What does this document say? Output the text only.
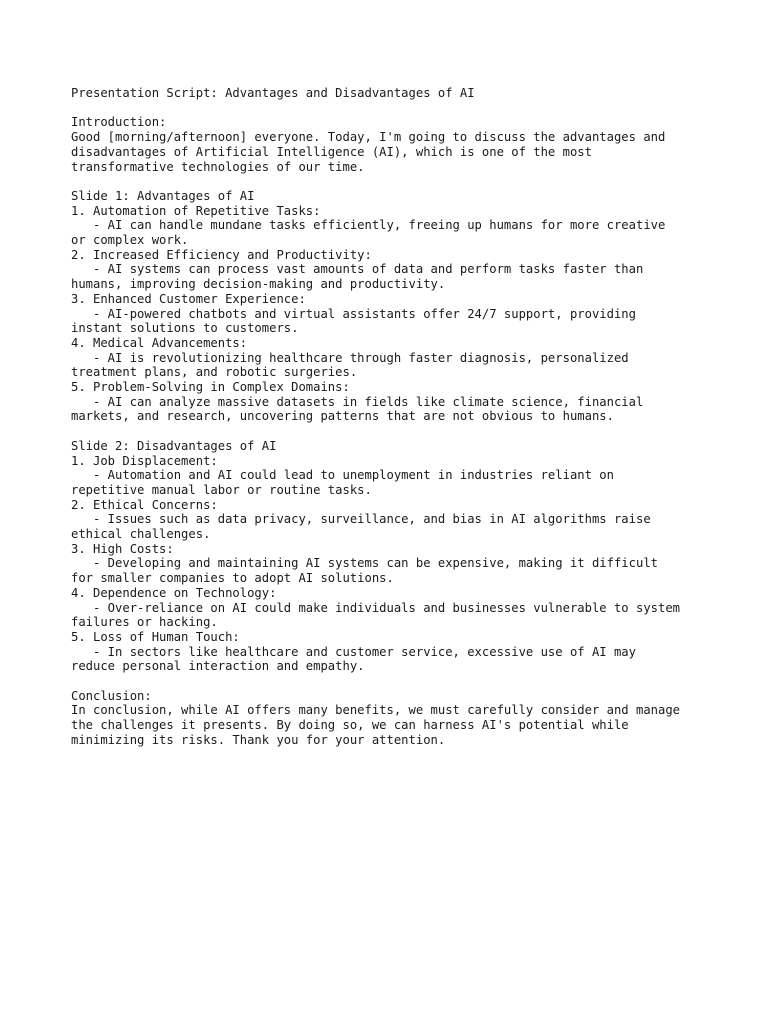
Presentation Script: Advantages and Disadvantages of AI
Introduction:
Good [morning/afternoon] everyone. Today, I'm going to discuss the advantages and
disadvantages of Artificial Intelligence (AI), which is one of the most
transformative technologies of our time.
Slide 1: Advantages of AI
1. Automation of Repetitive Tasks:
- AI can handle mundane tasks efficiently, freeing up humans for more creative
or complex work.
2. Increased Efficiency and Productivity:
- AI systems can process vast amounts of data and perform tasks faster than
humans, improving decision-making and productivity.
3. Enhanced Customer Experience:
- AI-powered chatbots and virtual assistants offer 24/7 support, providing
instant solutions to customers.
4. Medical Advancements:
- AI is revolutionizing healthcare through faster diagnosis, personalized
treatment plans, and robotic surgeries.
5. Problem-Solving in Complex Domains:
- AI can analyze massive datasets in fields like climate science, financial
markets, and research, uncovering patterns that are not obvious to humans.
Slide 2: Disadvantages of AI
1. Job Displacement:
- Automation and AI could lead to unemployment in industries reliant on
repetitive manual labor or routine tasks.
2. Ethical Concerns:
- Issues such as data privacy, surveillance, and bias in AI algorithms raise
ethical challenges.
3. High Costs:
- Developing and maintaining AI systems can be expensive, making it difficult
for smaller companies to adopt AI solutions.
4. Dependence on Technology:
- Over-reliance on AI could make individuals and businesses vulnerable to system
failures or hacking.
5. Loss of Human Touch:
- In sectors like healthcare and customer service, excessive use of AI may
reduce personal interaction and empathy.
Conclusion:
In conclusion, while AI offers many benefits, we must carefully consider and manage
the challenges it presents. By doing so, we can harness AI's potential while
minimizing its risks. Thank you for your attention.
